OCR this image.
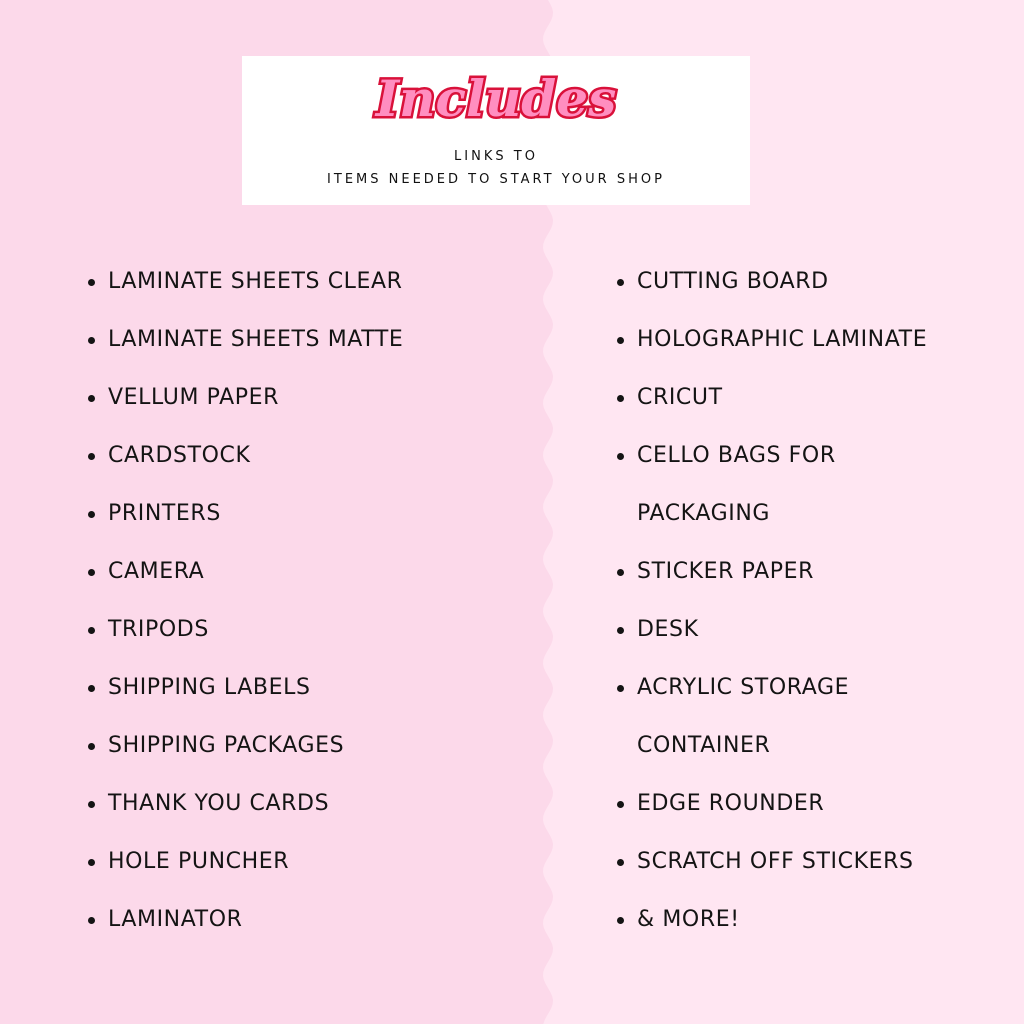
Includes
LINKS TO
ITEMS NEEDED TO START YOUR SHOP
LAMINATE SHEETS CLEAR
LAMINATE SHEETS MATTE
VELLUM PAPER
CARDSTOCK
PRINTERS
CAMERA
TRIPODS
SHIPPING LABELS
SHIPPING PACKAGES
THANK YOU CARDS
HOLE PUNCHER
LAMINATOR
CUTTING BOARD
HOLOGRAPHIC LAMINATE
CRICUT
CELLO BAGS FOR
PACKAGING
STICKER PAPER
DESK
ACRYLIC STORAGE
CONTAINER
EDGE ROUNDER
SCRATCH OFF STICKERS
& MORE!
